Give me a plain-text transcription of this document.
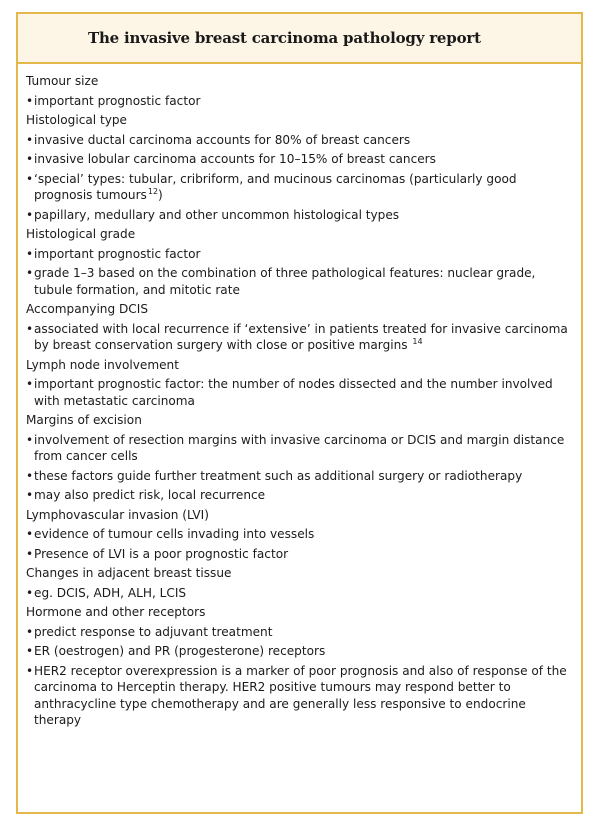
The invasive breast carcinoma pathology report
Tumour size
• important prognostic factor
Histological type
• invasive ductal carcinoma accounts for 80% of breast cancers
• invasive lobular carcinoma accounts for 10–15% of breast cancers
• ‘special’ types: tubular, cribriform, and mucinous carcinomas (particularly good prognosis tumours$^{12}$)
• papillary, medullary and other uncommon histological types
Histological grade
• important prognostic factor
• grade 1–3 based on the combination of three pathological features: nuclear grade, tubule formation, and mitotic rate
Accompanying DCIS
• associated with local recurrence if ‘extensive’ in patients treated for invasive carcinoma by breast conservation surgery with close or positive margins $^{14}$
Lymph node involvement
• important prognostic factor: the number of nodes dissected and the number involved with metastatic carcinoma
Margins of excision
• involvement of resection margins with invasive carcinoma or DCIS and margin distance from cancer cells
• these factors guide further treatment such as additional surgery or radiotherapy
• may also predict risk, local recurrence
Lymphovascular invasion (LVI)
• evidence of tumour cells invading into vessels
• Presence of LVI is a poor prognostic factor
Changes in adjacent breast tissue
• eg. DCIS, ADH, ALH, LCIS
Hormone and other receptors
• predict response to adjuvant treatment
• ER (oestrogen) and PR (progesterone) receptors
• HER2 receptor overexpression is a marker of poor prognosis and also of response of the carcinoma to Herceptin therapy. HER2 positive tumours may respond better to anthracycline type chemotherapy and are generally less responsive to endocrine therapy
